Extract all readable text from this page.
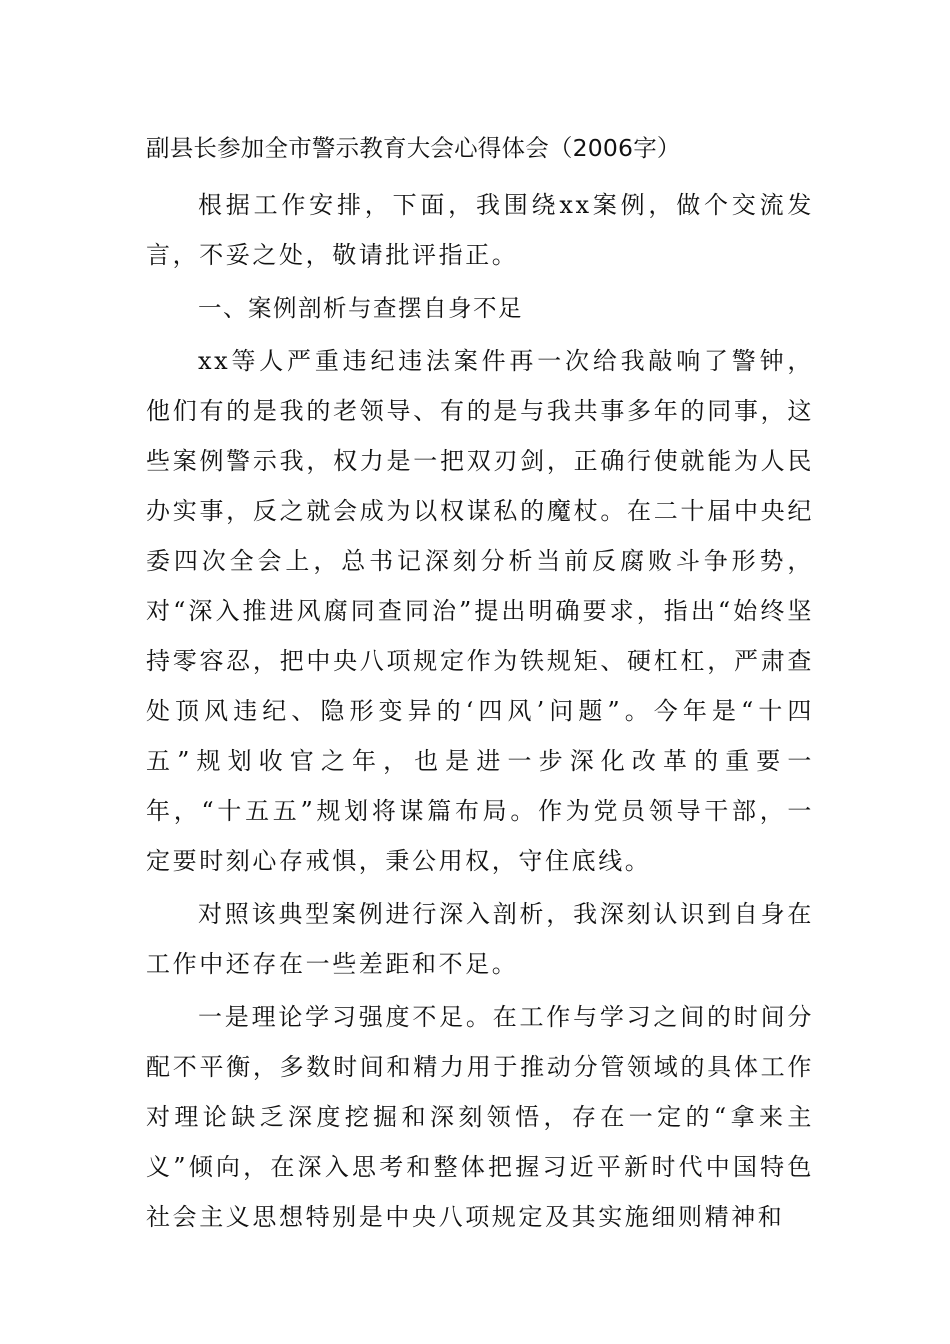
副县长参加全市警示教育大会心得体会（2006字）

根据工作安排，下面，我围绕xx案例，做个交流发言，不妥之处，敬请批评指正。

一、案例剖析与查摆自身不足

xx等人严重违纪违法案件再一次给我敲响了警钟，他们有的是我的老领导、有的是与我共事多年的同事，这些案例警示我，权力是一把双刃剑，正确行使就能为人民办实事，反之就会成为以权谋私的魔杖。在二十届中央纪委四次全会上，总书记深刻分析当前反腐败斗争形势，对“深入推进风腐同查同治”提出明确要求，指出“始终坚持零容忍，把中央八项规定作为铁规矩、硬杠杠，严肃查处顶风违纪、隐形变异的‘四风’问题”。今年是“十四五”规划收官之年，也是进一步深化改革的重要一年，“十五五”规划将谋篇布局。作为党员领导干部，一定要时刻心存戒惧，秉公用权，守住底线。

对照该典型案例进行深入剖析，我深刻认识到自身在工作中还存在一些差距和不足。

一是理论学习强度不足。在工作与学习之间的时间分配不平衡，多数时间和精力用于推动分管领域的具体工作对理论缺乏深度挖掘和深刻领悟，存在一定的“拿来主义”倾向，在深入思考和整体把握习近平新时代中国特色社会主义思想特别是中央八项规定及其实施细则精神和
